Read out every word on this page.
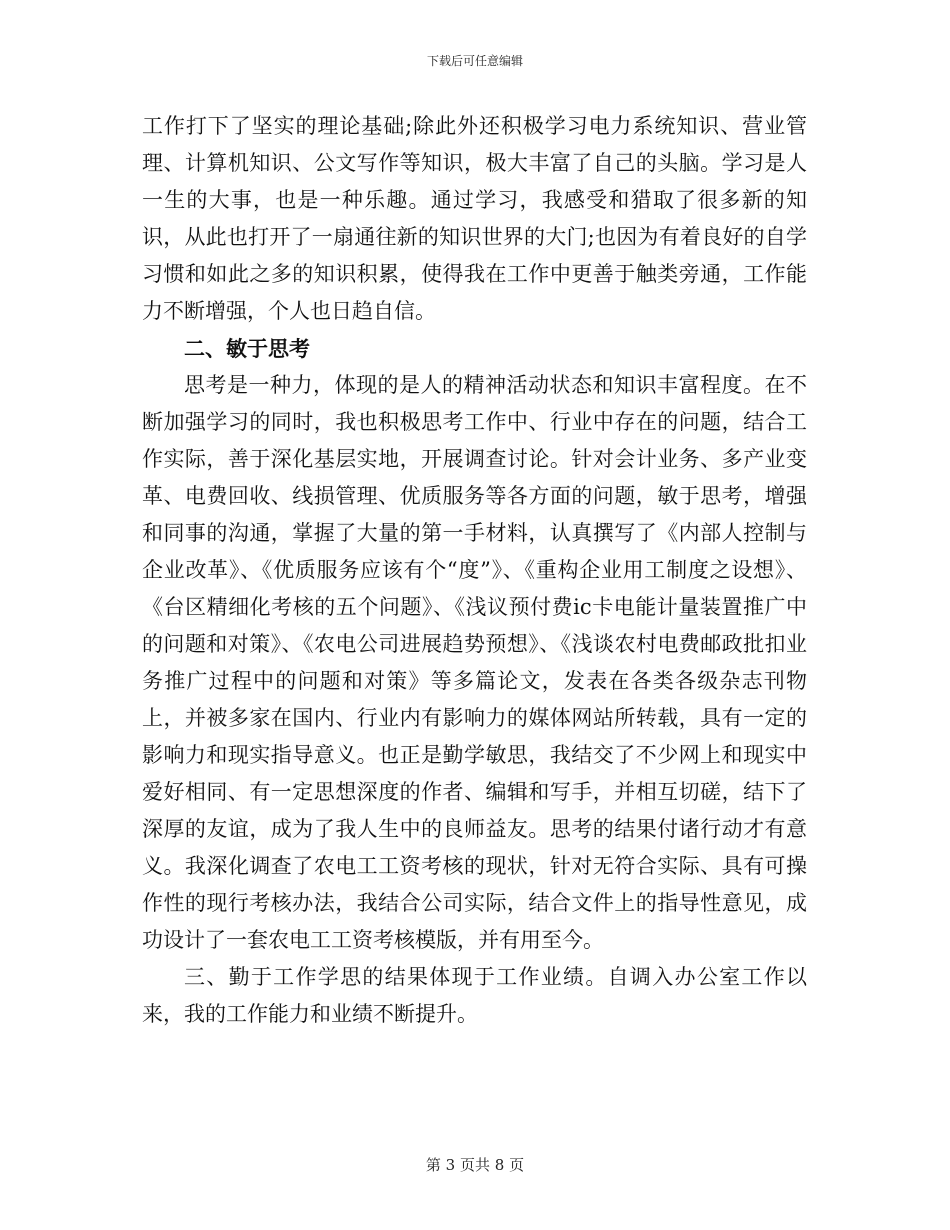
下载后可任意编辑

工作打下了坚实的理论基础;除此外还积极学习电力系统知识、营业管理、计算机知识、公文写作等知识，极大丰富了自己的头脑。学习是人一生的大事，也是一种乐趣。通过学习，我感受和猎取了很多新的知识，从此也打开了一扇通往新的知识世界的大门;也因为有着良好的自学习惯和如此之多的知识积累，使得我在工作中更善于触类旁通，工作能力不断增强，个人也日趋自信。

二、敏于思考

思考是一种力，体现的是人的精神活动状态和知识丰富程度。在不断加强学习的同时，我也积极思考工作中、行业中存在的问题，结合工作实际，善于深化基层实地，开展调查讨论。针对会计业务、多产业变革、电费回收、线损管理、优质服务等各方面的问题，敏于思考，增强和同事的沟通，掌握了大量的第一手材料，认真撰写了《内部人控制与企业改革》、《优质服务应该有个“度”》、《重构企业用工制度之设想》、《台区精细化考核的五个问题》、《浅议预付费ic卡电能计量装置推广中的问题和对策》、《农电公司进展趋势预想》、《浅谈农村电费邮政批扣业务推广过程中的问题和对策》等多篇论文，发表在各类各级杂志刊物上，并被多家在国内、行业内有影响力的媒体网站所转载，具有一定的影响力和现实指导意义。也正是勤学敏思，我结交了不少网上和现实中爱好相同、有一定思想深度的作者、编辑和写手，并相互切磋，结下了深厚的友谊，成为了我人生中的良师益友。思考的结果付诸行动才有意义。我深化调查了农电工工资考核的现状，针对无符合实际、具有可操作性的现行考核办法，我结合公司实际，结合文件上的指导性意见，成功设计了一套农电工工资考核模版，并有用至今。

三、勤于工作学思的结果体现于工作业绩。自调入办公室工作以来，我的工作能力和业绩不断提升。

第 3 页共 8 页
